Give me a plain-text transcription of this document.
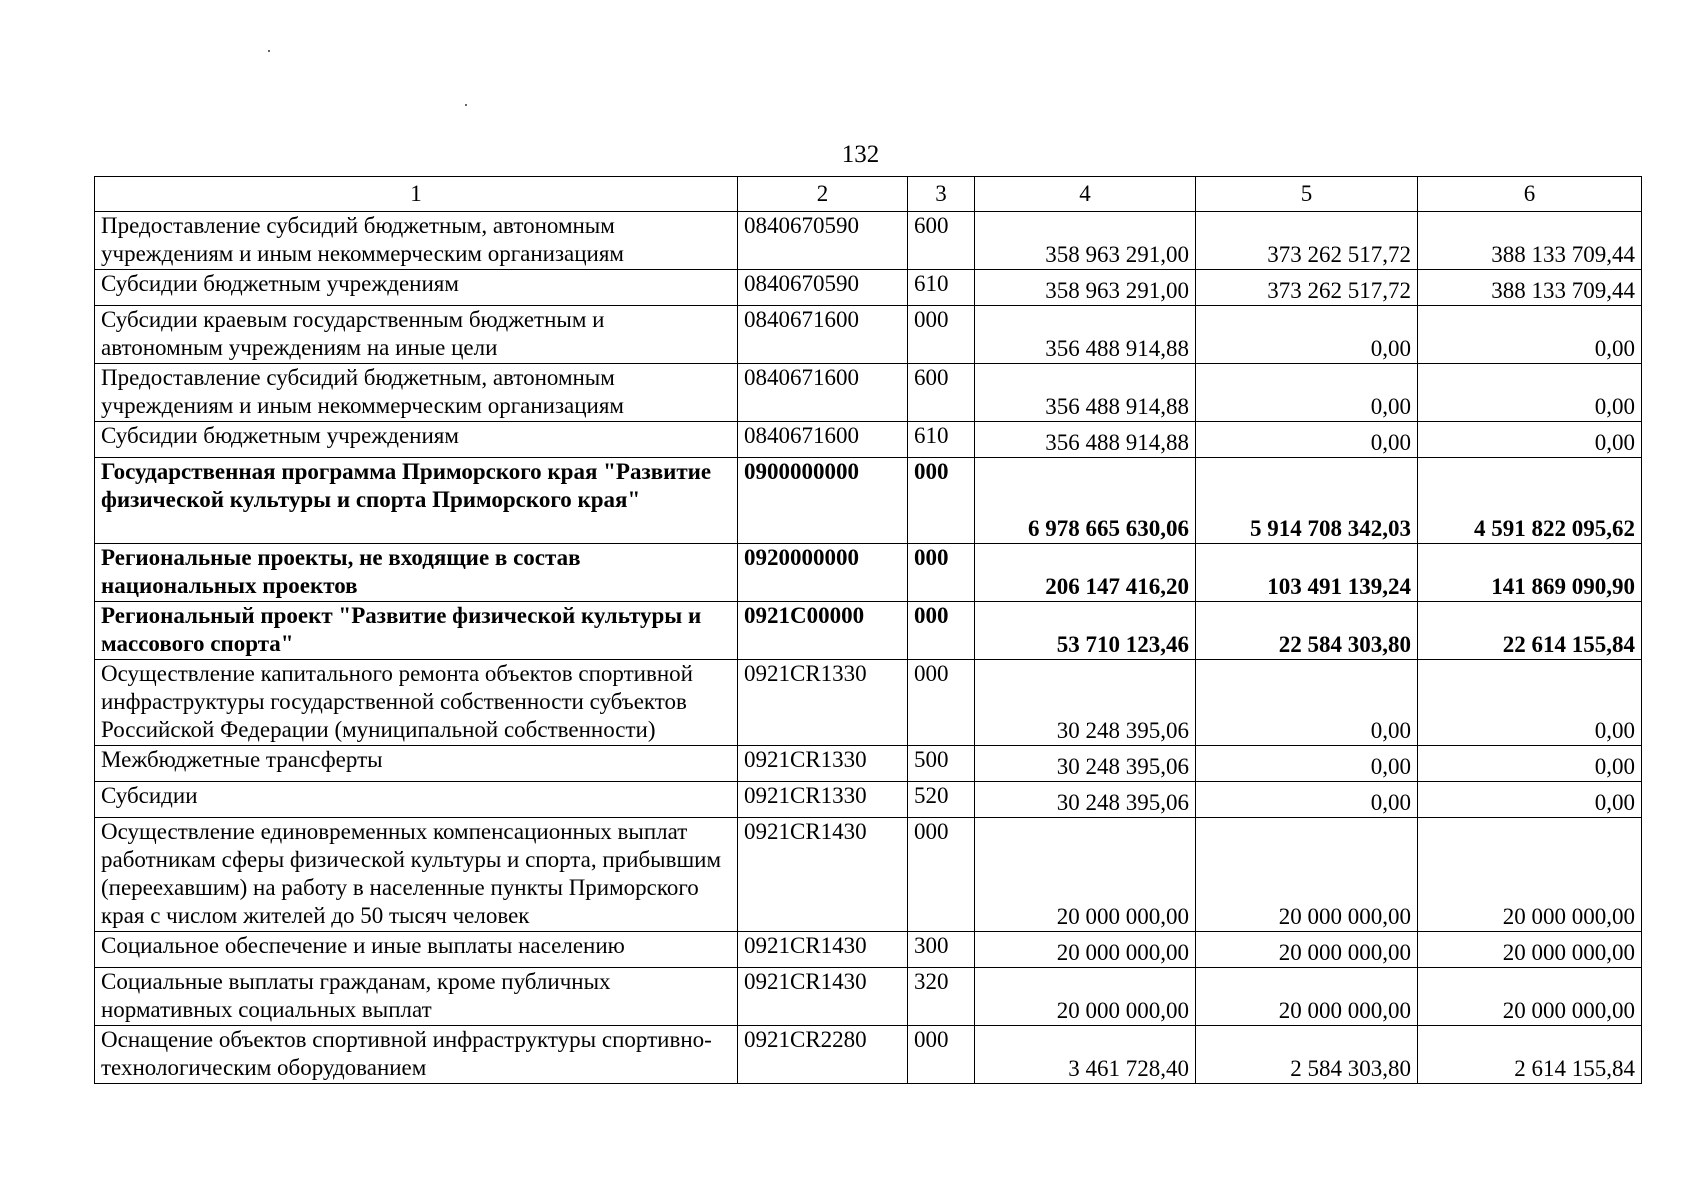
132
1	2	3	4	5	6
Предоставление субсидий бюджетным, автономным учреждениям и иным некоммерческим организациям	0840670590	600	358 963 291,00	373 262 517,72	388 133 709,44
Субсидии бюджетным учреждениям	0840670590	610	358 963 291,00	373 262 517,72	388 133 709,44
Субсидии краевым государственным бюджетным и автономным учреждениям на иные цели	0840671600	000	356 488 914,88	0,00	0,00
Предоставление субсидий бюджетным, автономным учреждениям и иным некоммерческим организациям	0840671600	600	356 488 914,88	0,00	0,00
Субсидии бюджетным учреждениям	0840671600	610	356 488 914,88	0,00	0,00
Государственная программа Приморского края "Развитие физической культуры и спорта Приморского края"	0900000000	000	6 978 665 630,06	5 914 708 342,03	4 591 822 095,62
Региональные проекты, не входящие в состав национальных проектов	0920000000	000	206 147 416,20	103 491 139,24	141 869 090,90
Региональный проект "Развитие физической культуры и массового спорта"	0921C00000	000	53 710 123,46	22 584 303,80	22 614 155,84
Осуществление капитального ремонта объектов спортивной инфраструктуры государственной собственности субъектов Российской Федерации (муниципальной собственности)	0921CR1330	000	30 248 395,06	0,00	0,00
Межбюджетные трансферты	0921CR1330	500	30 248 395,06	0,00	0,00
Субсидии	0921CR1330	520	30 248 395,06	0,00	0,00
Осуществление единовременных компенсационных выплат работникам сферы физической культуры и спорта, прибывшим (переехавшим) на работу в населенные пункты Приморского края с числом жителей до 50 тысяч человек	0921CR1430	000	20 000 000,00	20 000 000,00	20 000 000,00
Социальное обеспечение и иные выплаты населению	0921CR1430	300	20 000 000,00	20 000 000,00	20 000 000,00
Социальные выплаты гражданам, кроме публичных нормативных социальных выплат	0921CR1430	320	20 000 000,00	20 000 000,00	20 000 000,00
Оснащение объектов спортивной инфраструктуры спортивно-технологическим оборудованием	0921CR2280	000	3 461 728,40	2 584 303,80	2 614 155,84
